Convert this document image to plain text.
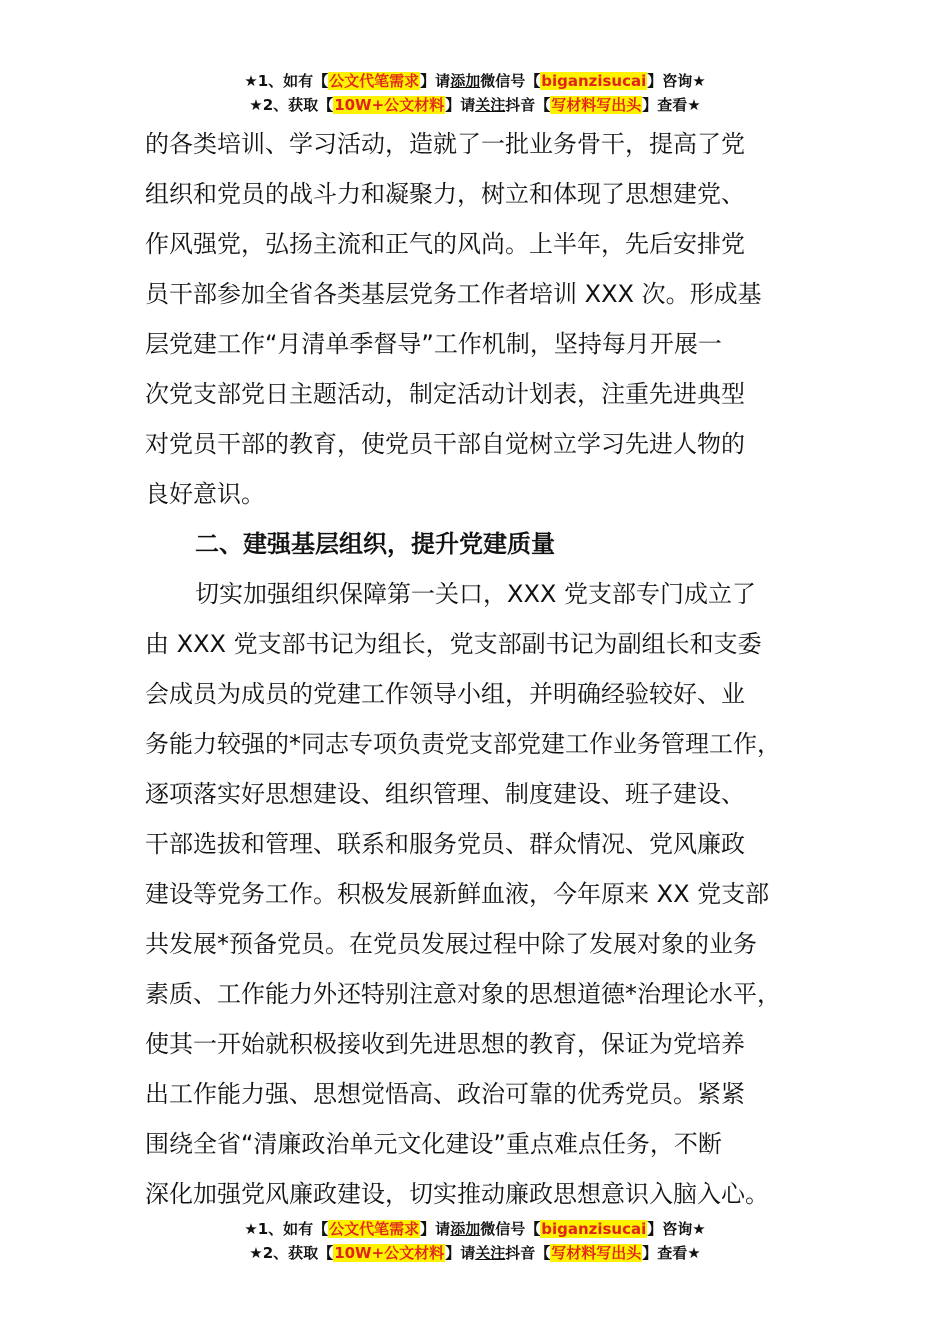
★1、如有【公文代笔需求】请添加微信号【biganzisucai】咨询★
★2、获取【10W+公文材料】请关注抖音【写材料写出头】查看★

的各类培训、学习活动，造就了一批业务骨干，提高了党
组织和党员的战斗力和凝聚力，树立和体现了思想建党、
作风强党，弘扬主流和正气的风尚。上半年，先后安排党
员干部参加全省各类基层党务工作者培训 XXX 次。形成基
层党建工作“月清单季督导”工作机制，坚持每月开展一
次党支部党日主题活动，制定活动计划表，注重先进典型
对党员干部的教育，使党员干部自觉树立学习先进人物的
良好意识。

二、建强基层组织，提升党建质量

切实加强组织保障第一关口，XXX 党支部专门成立了
由 XXX 党支部书记为组长，党支部副书记为副组长和支委
会成员为成员的党建工作领导小组，并明确经验较好、业
务能力较强的*同志专项负责党支部党建工作业务管理工作，
逐项落实好思想建设、组织管理、制度建设、班子建设、
干部选拔和管理、联系和服务党员、群众情况、党风廉政
建设等党务工作。积极发展新鲜血液，今年原来 XX 党支部
共发展*预备党员。在党员发展过程中除了发展对象的业务
素质、工作能力外还特别注意对象的思想道德*治理论水平，
使其一开始就积极接收到先进思想的教育，保证为党培养
出工作能力强、思想觉悟高、政治可靠的优秀党员。紧紧
围绕全省“清廉政治单元文化建设”重点难点任务，不断
深化加强党风廉政建设，切实推动廉政思想意识入脑入心。

★1、如有【公文代笔需求】请添加微信号【biganzisucai】咨询★
★2、获取【10W+公文材料】请关注抖音【写材料写出头】查看★
